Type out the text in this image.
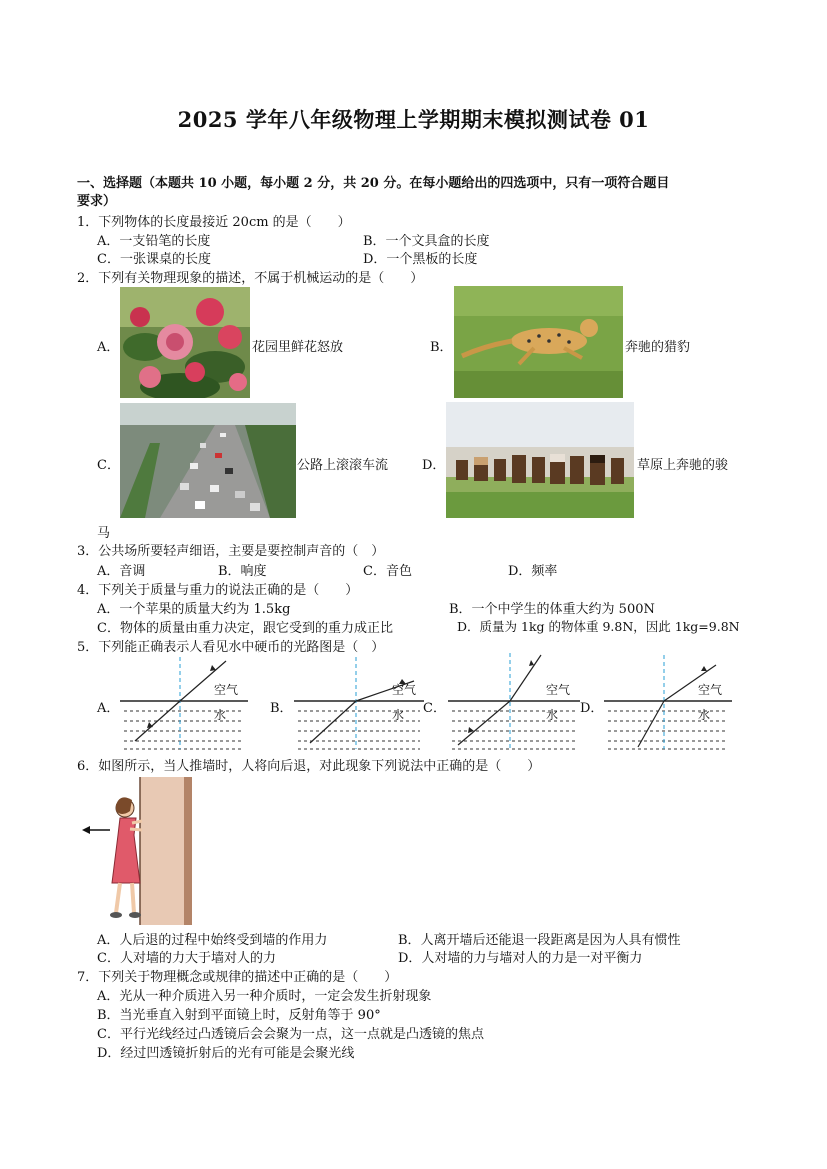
2025 学年八年级物理上学期期末模拟测试卷 01
一、选择题（本题共 10 小题，每小题 2 分，共 20 分。在每小题给出的四选项中，只有一项符合题目
要求）
1．下列物体的长度最接近 20cm 的是（　　）
A．一支铅笔的长度	B．一个文具盒的长度
C．一张课桌的长度	D．一个黑板的长度
2．下列有关物理现象的描述，不属于机械运动的是（　　）
A．	花园里鲜花怒放	B．	奔驰的猎豹
C．	公路上滚滚车流	D．	草原上奔驰的骏
马
3．公共场所要轻声细语，主要是要控制声音的（　）
A．音调	B．响度	C．音色	D．频率
4．下列关于质量与重力的说法正确的是（　　）
A．一个苹果的质量大约为 1.5kg	B．一个中学生的体重大约为 500N
C．物体的质量由重力决定，跟它受到的重力成正比	D．质量为 1kg 的物体重 9.8N，因此 1kg=9.8N
5．下列能正确表示人看见水中硬币的光路图是（　）
A．
空气
水	B．
空气
水 C．
空气
水 D．
空气
水
6．如图所示，当人推墙时，人将向后退，对此现象下列说法中正确的是（　　）
A．人后退的过程中始终受到墙的作用力	B．人离开墙后还能退一段距离是因为人具有惯性
C．人对墙的力大于墙对人的力	D．人对墙的力与墙对人的力是一对平衡力
7．下列关于物理概念或规律的描述中正确的是（　　）
A．光从一种介质进入另一种介质时，一定会发生折射现象
B．当光垂直入射到平面镜上时，反射角等于 90°
C．平行光线经过凸透镜后会会聚为一点，这一点就是凸透镜的焦点
D．经过凹透镜折射后的光有可能是会聚光线
